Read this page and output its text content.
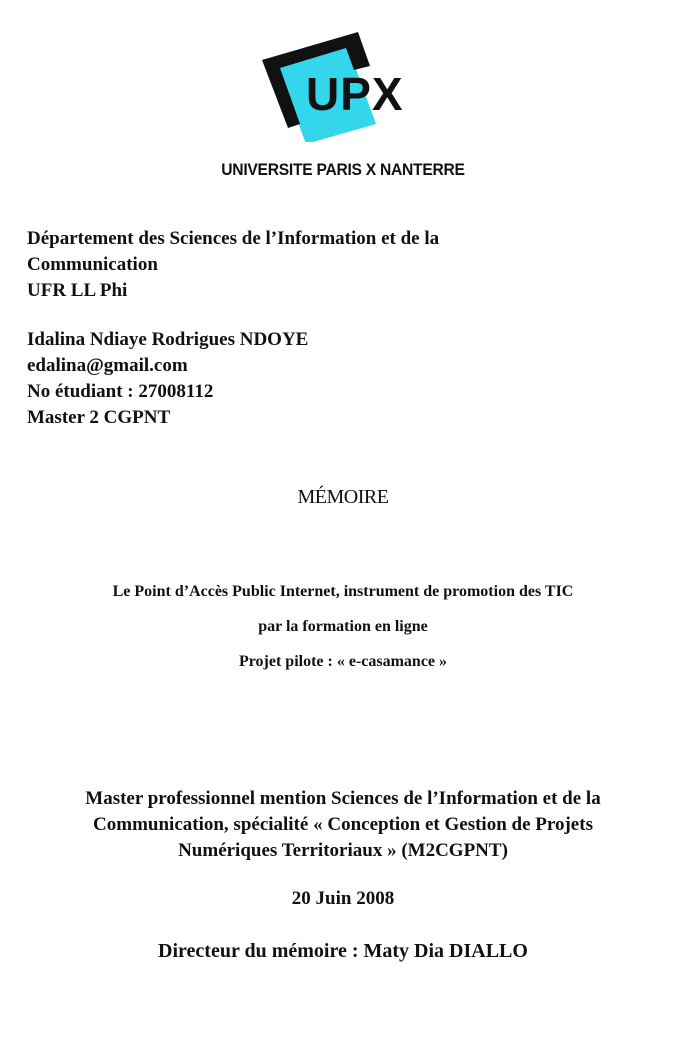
UPX
UNIVERSITE PARIS X NANTERRE
Département des Sciences de l’Information et de la
Communication
UFR LL Phi
Idalina Ndiaye Rodrigues NDOYE
edalina@gmail.com
No étudiant : 27008112
Master 2 CGPNT
MÉMOIRE
Le Point d’Accès Public Internet, instrument de promotion des TIC
par la formation en ligne
Projet pilote : « e-casamance »
Master professionnel mention Sciences de l’Information et de la
Communication, spécialité « Conception et Gestion de Projets
Numériques Territoriaux » (M2CGPNT)
20 Juin 2008
Directeur du mémoire : Maty Dia DIALLO
